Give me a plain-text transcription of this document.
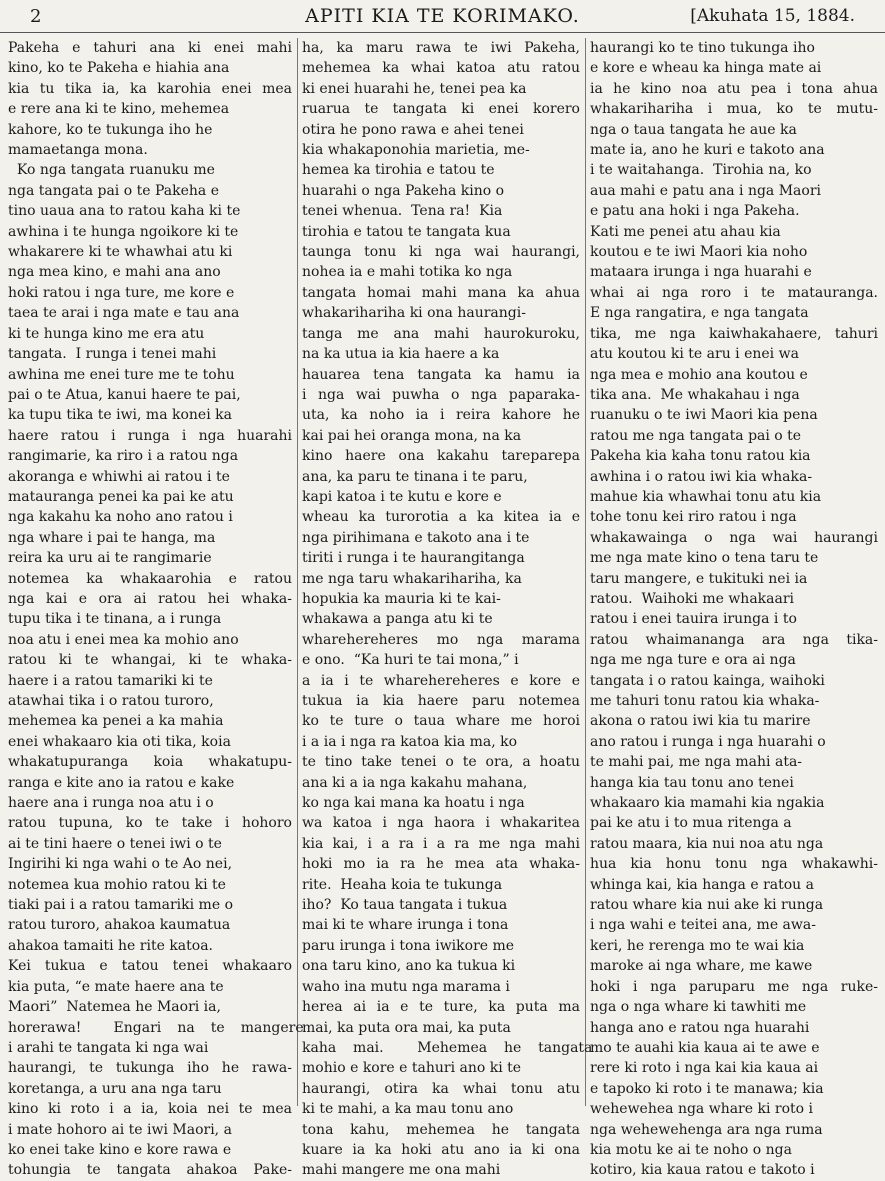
2	APITI KIA TE KORIMAKO.	[Akuhata 15, 1884.
Pakeha e tahuri ana ki enei mahi
kino, ko te Pakeha e hiahia ana
kia tu tika ia, ka karohia enei mea
e rere ana ki te kino, mehemea
kahore, ko te tukunga iho he
mamaetanga mona.
Ko nga tangata ruanuku me
nga tangata pai o te Pakeha e
tino uaua ana to ratou kaha ki te
awhina i te hunga ngoikore ki te
whakarere ki te whawhai atu ki
nga mea kino, e mahi ana ano
hoki ratou i nga ture, me kore e
taea te arai i nga mate e tau ana
ki te hunga kino me era atu
tangata.  I runga i tenei mahi
awhina me enei ture me te tohu
pai o te Atua, kanui haere te pai,
ka tupu tika te iwi, ma konei ka
haere ratou i runga i nga huarahi
rangimarie, ka riro i a ratou nga
akoranga e whiwhi ai ratou i te
matauranga penei ka pai ke atu
nga kakahu ka noho ano ratou i
nga whare i pai te hanga, ma
reira ka uru ai te rangimarie
notemea ka whakaarohia e ratou
nga kai e ora ai ratou hei whaka-
tupu tika i te tinana, a i runga
noa atu i enei mea ka mohio ano
ratou ki te whangai, ki te whaka-
haere i a ratou tamariki ki te
atawhai tika i o ratou turoro,
mehemea ka penei a ka mahia
enei whakaaro kia oti tika, koia
whakatupuranga koia whakatupu-
ranga e kite ano ia ratou e kake
haere ana i runga noa atu i o
ratou tupuna, ko te take i hohoro
ai te tini haere o tenei iwi o te
Ingirihi ki nga wahi o te Ao nei,
notemea kua mohio ratou ki te
tiaki pai i a ratou tamariki me o
ratou turoro, ahakoa kaumatua
ahakoa tamaiti he rite katoa.
Kei tukua e tatou tenei whakaaro
kia puta, “e mate haere ana te
Maori”  Natemea he Maori ia,
horerawa!  Engari na te mangere
i arahi te tangata ki nga wai
haurangi, te tukunga iho he rawa-
koretanga, a uru ana nga taru
kino ki roto i a ia, koia nei te mea
i mate hohoro ai te iwi Maori, a
ko enei take kino e kore rawa e
tohungia te tangata ahakoa Pake-
ha, ka maru rawa te iwi Pakeha,
mehemea ka whai katoa atu ratou
ki enei huarahi he, tenei pea ka
ruarua te tangata ki enei korero
otira he pono rawa e ahei tenei
kia whakaponohia marietia, me-
hemea ka tirohia e tatou te
huarahi o nga Pakeha kino o
tenei whenua.  Tena ra!  Kia
tirohia e tatou te tangata kua
taunga tonu ki nga wai haurangi,
nohea ia e mahi totika ko nga
tangata homai mahi mana ka ahua
whakarihariha ki ona haurangi-
tanga me ana mahi haurokuroku,
na ka utua ia kia haere a ka
hauarea tena tangata ka hamu ia
i nga wai puwha o nga paparaka-
uta, ka noho ia i reira kahore he
kai pai hei oranga mona, na ka
kino haere ona kakahu tareparepa
ana, ka paru te tinana i te paru,
kapi katoa i te kutu e kore e
wheau ka turorotia a ka kitea ia e
nga pirihimana e takoto ana i te
tiriti i runga i te haurangitanga
me nga taru whakarihariha, ka
hopukia ka mauria ki te kai-
whakawa a panga atu ki te
wharehereheres mo nga marama
e ono.  “Ka huri te tai mona,” i
a ia i te wharehereheres e kore e
tukua ia kia haere paru notemea
ko te ture o taua whare me horoi
i a ia i nga ra katoa kia ma, ko
te tino take tenei o te ora, a hoatu
ana ki a ia nga kakahu mahana,
ko nga kai mana ka hoatu i nga
wa katoa i nga haora i whakaritea
kia kai, i a ra i a ra me nga mahi
hoki mo ia ra he mea ata whaka-
rite.  Heaha koia te tukunga
iho?  Ko taua tangata i tukua
mai ki te whare irunga i tona
paru irunga i tona iwikore me
ona taru kino, ano ka tukua ki
waho ina mutu nga marama i
herea ai ia e te ture, ka puta ma
mai, ka puta ora mai, ka puta
kaha mai.  Mehemea he tangata
mohio e kore e tahuri ano ki te
haurangi, otira ka whai tonu atu
ki te mahi, a ka mau tonu ano
tona kahu, mehemea he tangata
kuare ia ka hoki atu ano ia ki ona
mahi mangere me ona mahi
haurangi ko te tino tukunga iho
e kore e wheau ka hinga mate ai
ia he kino noa atu pea i tona ahua
whakarihariha i mua, ko te mutu-
nga o taua tangata he aue ka
mate ia, ano he kuri e takoto ana
i te waitahanga.  Tirohia na, ko
aua mahi e patu ana i nga Maori
e patu ana hoki i nga Pakeha.
Kati me penei atu ahau kia
koutou e te iwi Maori kia noho
mataara irunga i nga huarahi e
whai ai nga roro i te matauranga.
E nga rangatira, e nga tangata
tika, me nga kaiwhakahaere, tahuri
atu koutou ki te aru i enei wa
nga mea e mohio ana koutou e
tika ana.  Me whakahau i nga
ruanuku o te iwi Maori kia pena
ratou me nga tangata pai o te
Pakeha kia kaha tonu ratou kia
awhina i o ratou iwi kia whaka-
mahue kia whawhai tonu atu kia
tohe tonu kei riro ratou i nga
whakawainga o nga wai haurangi
me nga mate kino o tena taru te
taru mangere, e tukituki nei ia
ratou.  Waihoki me whakaari
ratou i enei tauira irunga i to
ratou whaimananga ara nga tika-
nga me nga ture e ora ai nga
tangata i o ratou kainga, waihoki
me tahuri tonu ratou kia whaka-
akona o ratou iwi kia tu marire
ano ratou i runga i nga huarahi o
te mahi pai, me nga mahi ata-
hanga kia tau tonu ano tenei
whakaaro kia mamahi kia ngakia
pai ke atu i to mua ritenga a
ratou maara, kia nui noa atu nga
hua kia honu tonu nga whakawhi-
whinga kai, kia hanga e ratou a
ratou whare kia nui ake ki runga
i nga wahi e teitei ana, me awa-
keri, he rerenga mo te wai kia
maroke ai nga whare, me kawe
hoki i nga paruparu me nga ruke-
nga o nga whare ki tawhiti me
hanga ano e ratou nga huarahi
mo te auahi kia kaua ai te awe e
rere ki roto i nga kai kia kaua ai
e tapoko ki roto i te manawa; kia
wehewehea nga whare ki roto i
nga wehewehenga ara nga ruma
kia motu ke ai te noho o nga
kotiro, kia kaua ratou e takoto i
